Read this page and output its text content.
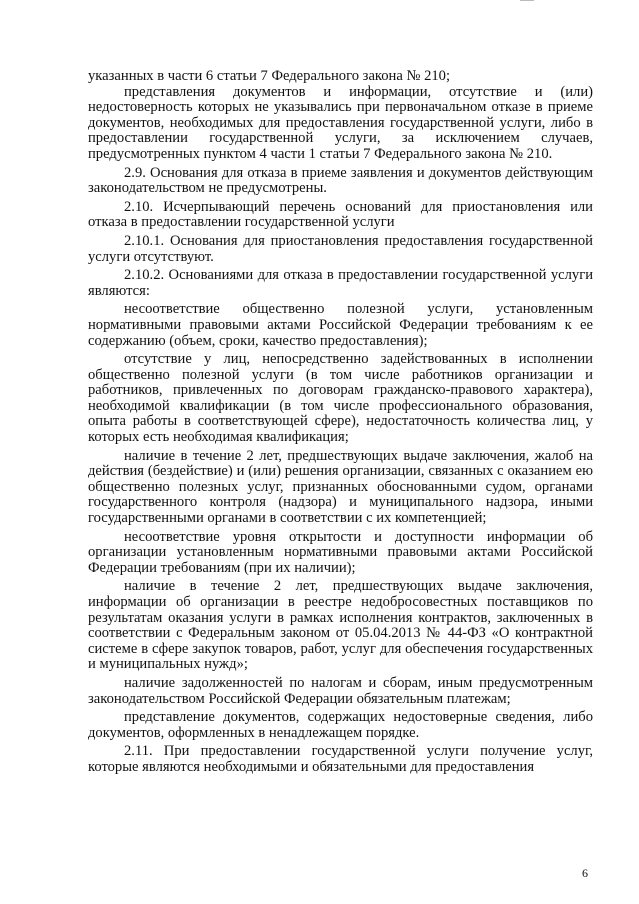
указанных в части 6 статьи 7 Федерального закона № 210;

представления документов и информации, отсутствие и (или) недостоверность которых не указывались при первоначальном отказе в приеме документов, необходимых для предоставления государственной услуги, либо в предоставлении государственной услуги, за исключением случаев, предусмотренных пунктом 4 части 1 статьи 7 Федерального закона № 210.

2.9. Основания для отказа в приеме заявления и документов действующим законодательством не предусмотрены.

2.10. Исчерпывающий перечень оснований для приостановления или отказа в предоставлении государственной услуги

2.10.1. Основания для приостановления предоставления государственной услуги отсутствуют.

2.10.2. Основаниями для отказа в предоставлении государственной услуги являются:

несоответствие общественно полезной услуги, установленным нормативными правовыми актами Российской Федерации требованиям к ее содержанию (объем, сроки, качество предоставления);

отсутствие у лиц, непосредственно задействованных в исполнении общественно полезной услуги (в том числе работников организации и работников, привлеченных по договорам гражданско-правового характера), необходимой квалификации (в том числе профессионального образования, опыта работы в соответствующей сфере), недостаточность количества лиц, у которых есть необходимая квалификация;

наличие в течение 2 лет, предшествующих выдаче заключения, жалоб на действия (бездействие) и (или) решения организации, связанных с оказанием ею общественно полезных услуг, признанных обоснованными судом, органами государственного контроля (надзора) и муниципального надзора, иными государственными органами в соответствии с их компетенцией;

несоответствие уровня открытости и доступности информации об организации установленным нормативными правовыми актами Российской Федерации требованиям (при их наличии);

наличие в течение 2 лет, предшествующих выдаче заключения, информации об организации в реестре недобросовестных поставщиков по результатам оказания услуги в рамках исполнения контрактов, заключенных в соответствии с Федеральным законом от 05.04.2013 № 44-ФЗ «О контрактной системе в сфере закупок товаров, работ, услуг для обеспечения государственных и муниципальных нужд»;

наличие задолженностей по налогам и сборам, иным предусмотренным законодательством Российской Федерации обязательным платежам;

представление документов, содержащих недостоверные сведения, либо документов, оформленных в ненадлежащем порядке.

2.11. При предоставлении государственной услуги получение услуг, которые являются необходимыми и обязательными для предоставления

6
